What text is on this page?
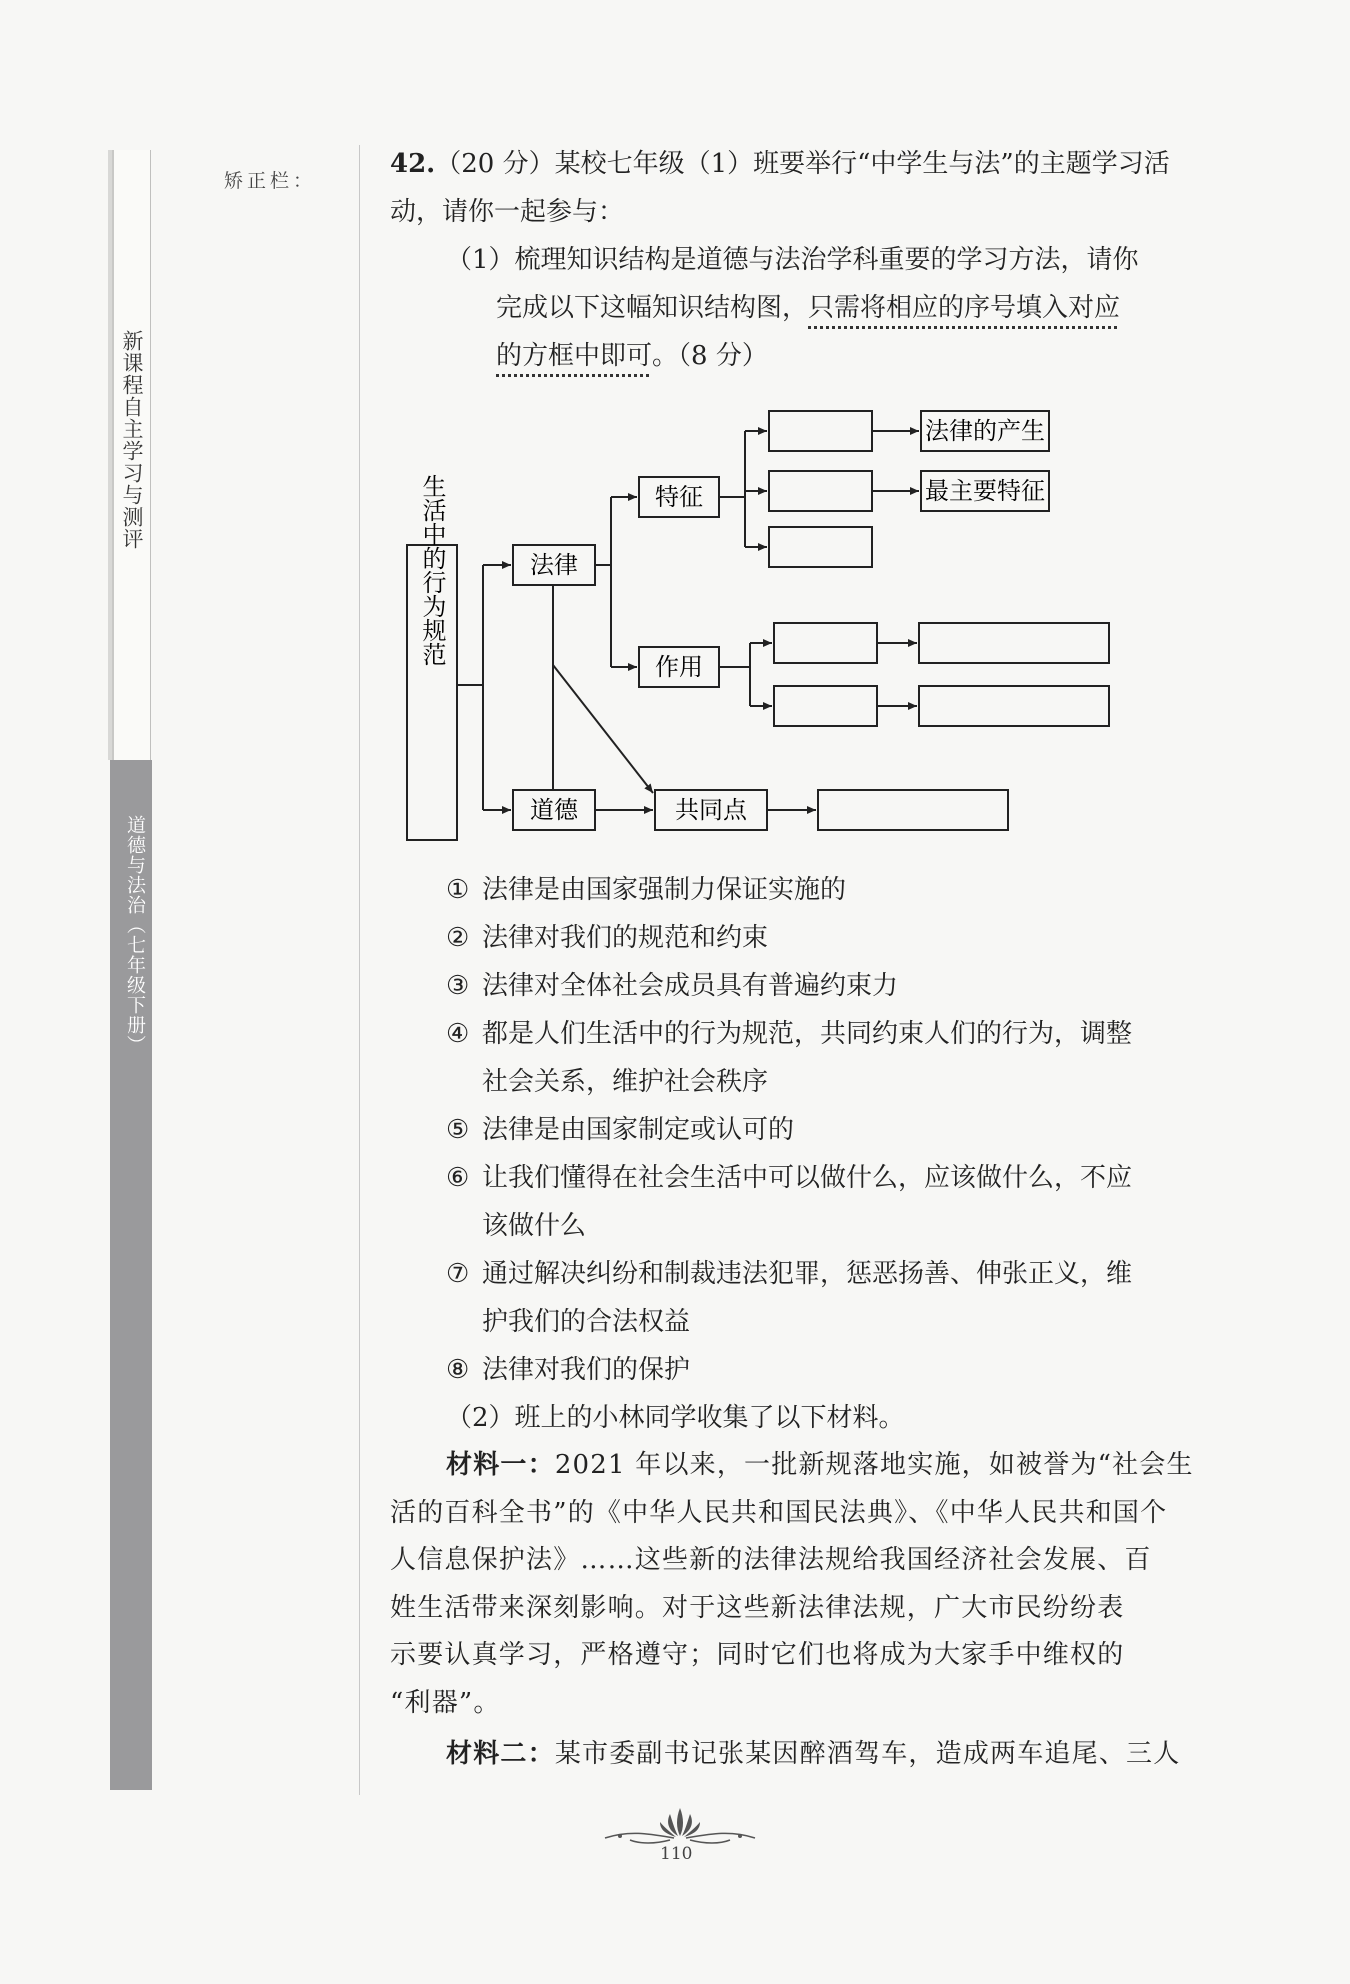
新课程自主学习与测评
道德与法治（七年级下册）
矫正栏：
42.（20 分）某校七年级（1）班要举行“中学生与法”的主题学习活
动，请你一起参与：
（1）梳理知识结构是道德与法治学科重要的学习方法，请你
完成以下这幅知识结构图，只需将相应的序号填入对应
的方框中即可。（8 分）
生活中的行为规范	法律
道德
特征
作用
共同点
法律的产生
最主要特征
① 法律是由国家强制力保证实施的
② 法律对我们的规范和约束
③ 法律对全体社会成员具有普遍约束力
④ 都是人们生活中的行为规范，共同约束人们的行为，调整
社会关系，维护社会秩序
⑤ 法律是由国家制定或认可的
⑥ 让我们懂得在社会生活中可以做什么，应该做什么，不应
该做什么
⑦ 通过解决纠纷和制裁违法犯罪，惩恶扬善、伸张正义，维
护我们的合法权益
⑧ 法律对我们的保护
（2）班上的小林同学收集了以下材料。
材料一：2021 年以来，一批新规落地实施，如被誉为“社会生
活的百科全书”的《中华人民共和国民法典》、《中华人民共和国个
人信息保护法》……这些新的法律法规给我国经济社会发展、百
姓生活带来深刻影响。对于这些新法律法规，广大市民纷纷表
示要认真学习，严格遵守；同时它们也将成为大家手中维权的
“利器”。
材料二：某市委副书记张某因醉酒驾车，造成两车追尾、三人
110
